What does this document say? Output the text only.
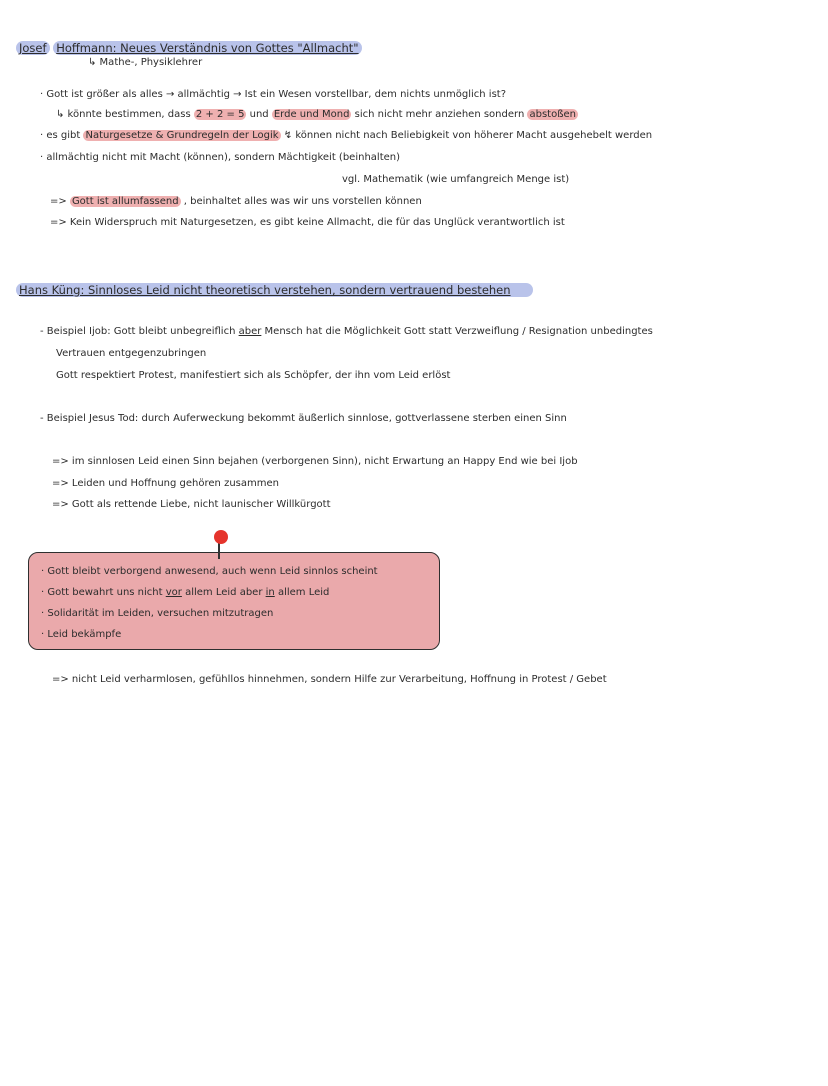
Josef Hoffmann: Neues Verständnis von Gottes "Allmacht"
↳ Mathe-, Physiklehrer
· Gott ist größer als alles → allmächtig → Ist ein Wesen vorstellbar, dem nichts unmöglich ist?
↳ könnte bestimmen, dass 2 + 2 = 5 und Erde und Mond sich nicht mehr anziehen sondern abstoßen
· es gibt Naturgesetze & Grundregeln der Logik ↯ können nicht nach Beliebigkeit von höherer Macht ausgehebelt werden
· allmächtig nicht mit Macht (können), sondern Mächtigkeit (beinhalten)
vgl. Mathematik (wie umfangreich Menge ist)
=> Gott ist allumfassend , beinhaltet alles was wir uns vorstellen können
=> Kein Widerspruch mit Naturgesetzen, es gibt keine Allmacht, die für das Unglück verantwortlich ist
Hans Küng: Sinnloses Leid nicht theoretisch verstehen, sondern vertrauend bestehen
- Beispiel Ijob: Gott bleibt unbegreiflich aber Mensch hat die Möglichkeit Gott statt Verzweiflung / Resignation unbedingtes
Vertrauen entgegenzubringen
Gott respektiert Protest, manifestiert sich als Schöpfer, der ihn vom Leid erlöst
- Beispiel Jesus Tod: durch Auferweckung bekommt äußerlich sinnlose, gottverlassene sterben einen Sinn
=> im sinnlosen Leid einen Sinn bejahen (verborgenen Sinn), nicht Erwartung an Happy End wie bei Ijob
=> Leiden und Hoffnung gehören zusammen
=> Gott als rettende Liebe, nicht launischer Willkürgott
· Gott bleibt verborgend anwesend, auch wenn Leid sinnlos scheint
· Gott bewahrt uns nicht vor allem Leid aber in allem Leid
· Solidarität im Leiden, versuchen mitzutragen
· Leid bekämpfe
=> nicht Leid verharmlosen, gefühllos hinnehmen, sondern Hilfe zur Verarbeitung, Hoffnung in Protest / Gebet
